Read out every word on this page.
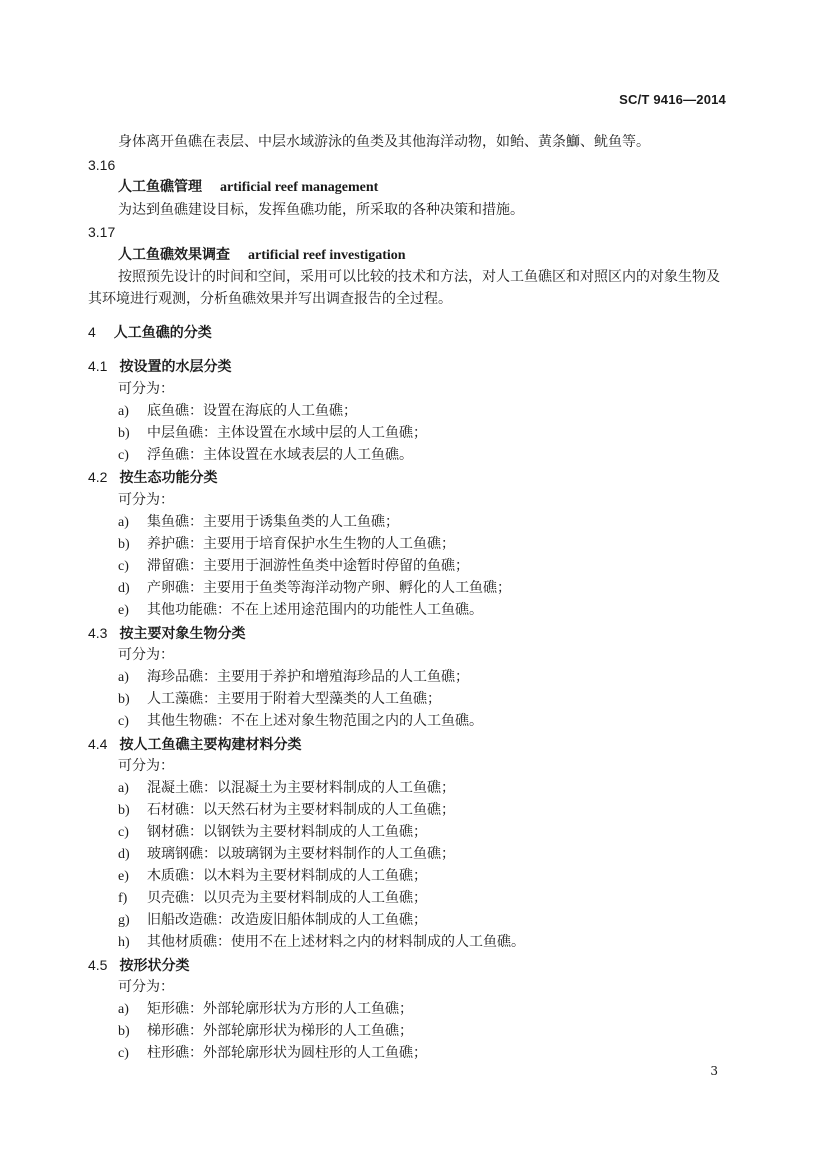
SC/T 9416—2014
身体离开鱼礁在表层、中层水域游泳的鱼类及其他海洋动物，如鲐、黄条鰤、鱿鱼等。
3.16
人工鱼礁管理 artificial reef management
为达到鱼礁建设目标，发挥鱼礁功能，所采取的各种决策和措施。
3.17
人工鱼礁效果调查 artificial reef investigation
按照预先设计的时间和空间，采用可以比较的技术和方法，对人工鱼礁区和对照区内的对象生物及
其环境进行观测，分析鱼礁效果并写出调查报告的全过程。
4 人工鱼礁的分类
4.1 按设置的水层分类
可分为：
a) 底鱼礁：设置在海底的人工鱼礁；
b) 中层鱼礁：主体设置在水域中层的人工鱼礁；
c) 浮鱼礁：主体设置在水域表层的人工鱼礁。
4.2 按生态功能分类
可分为：
a) 集鱼礁：主要用于诱集鱼类的人工鱼礁；
b) 养护礁：主要用于培育保护水生生物的人工鱼礁；
c) 滞留礁：主要用于洄游性鱼类中途暂时停留的鱼礁；
d) 产卵礁：主要用于鱼类等海洋动物产卵、孵化的人工鱼礁；
e) 其他功能礁：不在上述用途范围内的功能性人工鱼礁。
4.3 按主要对象生物分类
可分为：
a) 海珍品礁：主要用于养护和增殖海珍品的人工鱼礁；
b) 人工藻礁：主要用于附着大型藻类的人工鱼礁；
c) 其他生物礁：不在上述对象生物范围之内的人工鱼礁。
4.4 按人工鱼礁主要构建材料分类
可分为：
a) 混凝土礁：以混凝土为主要材料制成的人工鱼礁；
b) 石材礁：以天然石材为主要材料制成的人工鱼礁；
c) 钢材礁：以钢铁为主要材料制成的人工鱼礁；
d) 玻璃钢礁：以玻璃钢为主要材料制作的人工鱼礁；
e) 木质礁：以木料为主要材料制成的人工鱼礁；
f) 贝壳礁：以贝壳为主要材料制成的人工鱼礁；
g) 旧船改造礁：改造废旧船体制成的人工鱼礁；
h) 其他材质礁：使用不在上述材料之内的材料制成的人工鱼礁。
4.5 按形状分类
可分为：
a) 矩形礁：外部轮廓形状为方形的人工鱼礁；
b) 梯形礁：外部轮廓形状为梯形的人工鱼礁；
c) 柱形礁：外部轮廓形状为圆柱形的人工鱼礁；
3
